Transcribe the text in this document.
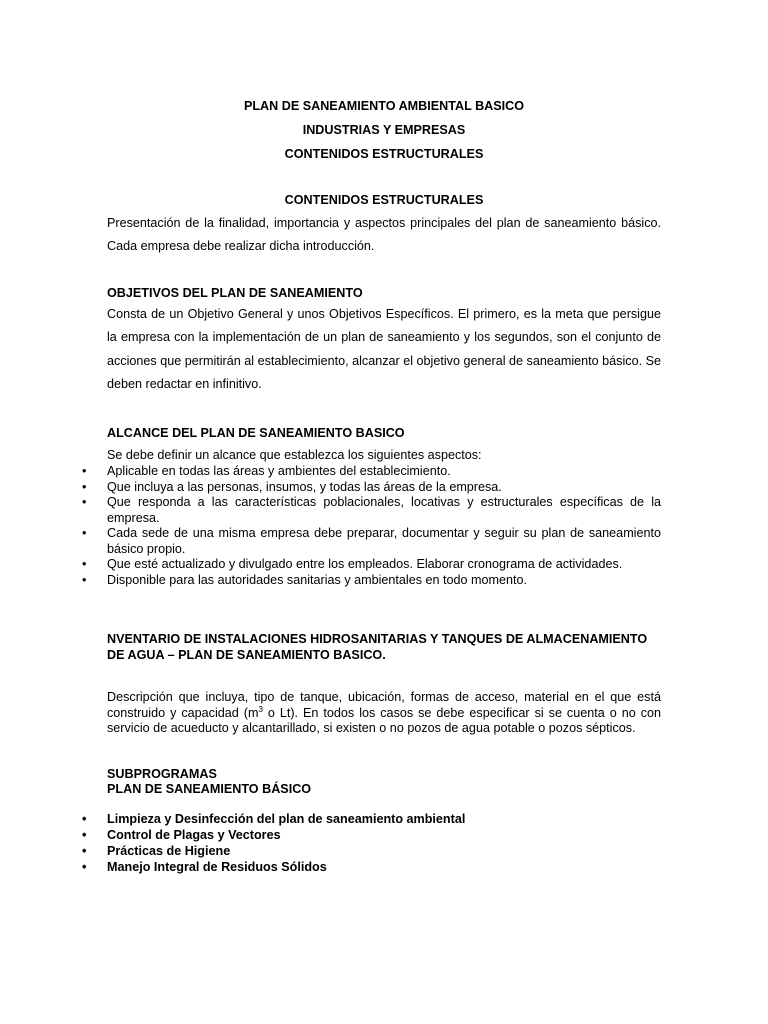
PLAN DE SANEAMIENTO AMBIENTAL BASICO
INDUSTRIAS Y EMPRESAS
CONTENIDOS ESTRUCTURALES
CONTENIDOS ESTRUCTURALES
Presentación de la finalidad, importancia y aspectos principales del plan de saneamiento básico. Cada empresa debe realizar dicha introducción.
OBJETIVOS DEL PLAN DE SANEAMIENTO
Consta de un Objetivo General y unos Objetivos Específicos. El primero, es la meta que persigue la empresa con la implementación de un plan de saneamiento y los segundos, son el conjunto de acciones que permitirán al establecimiento, alcanzar el objetivo general de saneamiento básico. Se deben redactar en infinitivo.
ALCANCE DEL PLAN DE SANEAMIENTO BASICO
Se debe definir un alcance que establezca los siguientes aspectos:
• Aplicable en todas las áreas y ambientes del establecimiento.
• Que incluya a las personas, insumos, y todas las áreas de la empresa.
• Que responda a las características poblacionales, locativas y estructurales específicas de la empresa.
• Cada sede de una misma empresa debe preparar, documentar y seguir su plan de saneamiento básico propio.
• Que esté actualizado y divulgado entre los empleados. Elaborar cronograma de actividades.
• Disponible para las autoridades sanitarias y ambientales en todo momento.
NVENTARIO DE INSTALACIONES HIDROSANITARIAS Y TANQUES DE ALMACENAMIENTO DE AGUA – PLAN DE SANEAMIENTO BASICO.
Descripción que incluya, tipo de tanque, ubicación, formas de acceso, material en el que está construido y capacidad ($m^3$ o Lt). En todos los casos se debe especificar si se cuenta o no con servicio de acueducto y alcantarillado, si existen o no pozos de agua potable o pozos sépticos.
SUBPROGRAMAS
PLAN DE SANEAMIENTO BÁSICO
• Limpieza y Desinfección del plan de saneamiento ambiental
• Control de Plagas y Vectores
• Prácticas de Higiene
• Manejo Integral de Residuos Sólidos
